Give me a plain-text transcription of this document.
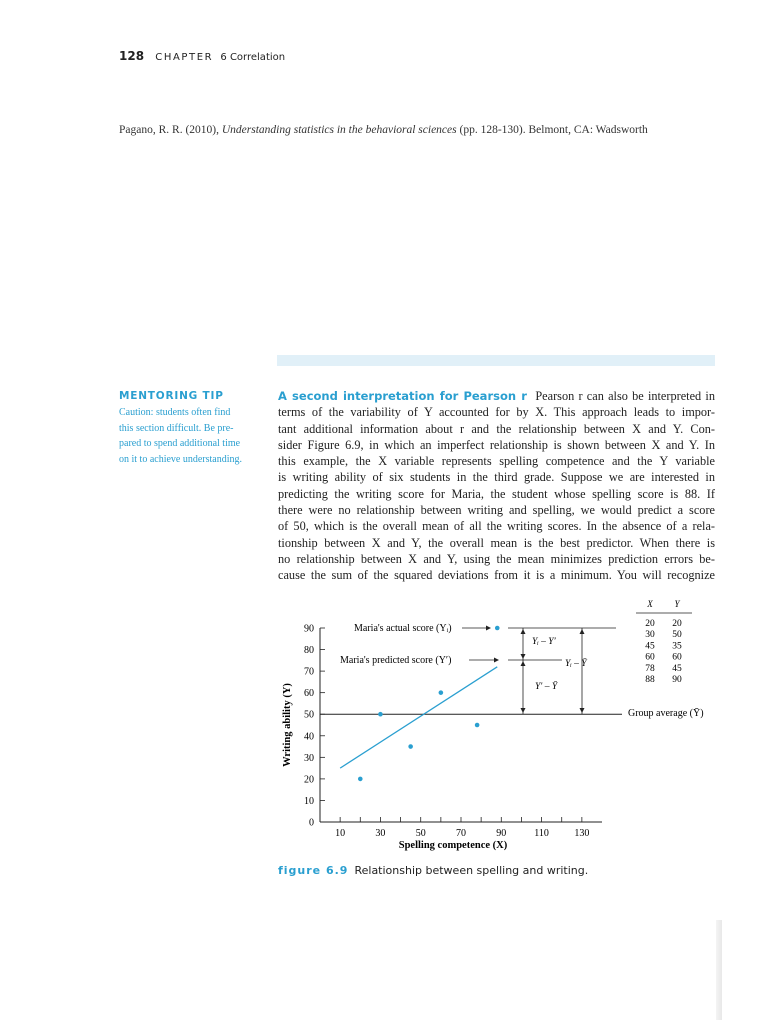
128 CHAPTER 6 Correlation
Pagano, R. R. (2010), Understanding statistics in the behavioral sciences (pp. 128-130). Belmont, CA: Wadsworth
MENTORING TIP
Caution: students often find
this section difficult. Be pre-
pared to spend additional time
on it to achieve understanding.
A second interpretation for Pearson r Pearson r can also be interpreted in
terms of the variability of Y accounted for by X. This approach leads to impor-
tant additional information about r and the relationship between X and Y. Con-
sider Figure 6.9, in which an imperfect relationship is shown between X and Y. In
this example, the X variable represents spelling competence and the Y variable
is writing ability of six students in the third grade. Suppose we are interested in
predicting the writing score for Maria, the student whose spelling score is 88. If
there were no relationship between writing and spelling, we would predict a score
of 50, which is the overall mean of all the writing scores. In the absence of a rela-
tionship between X and Y, the overall mean is the best predictor. When there is
no relationship between X and Y, using the mean minimizes prediction errors be-
cause the sum of the squared deviations from it is a minimum. You will recognize
0
10
20
30
40
50
60
70
80
90
10	30	50	70	90	110	130
Writing ability (Y)
Spelling competence (X)
Maria's actual score (Yᵢ)
Maria's predicted score (Y′)
Yᵢ – Y′
Y′ – Ȳ
Yᵢ – Ȳ
X Y
20 20
30 50
45 35
60 60
78 45
88 90
Group average (Ȳ)
figure 6.9 Relationship between spelling and writing.
